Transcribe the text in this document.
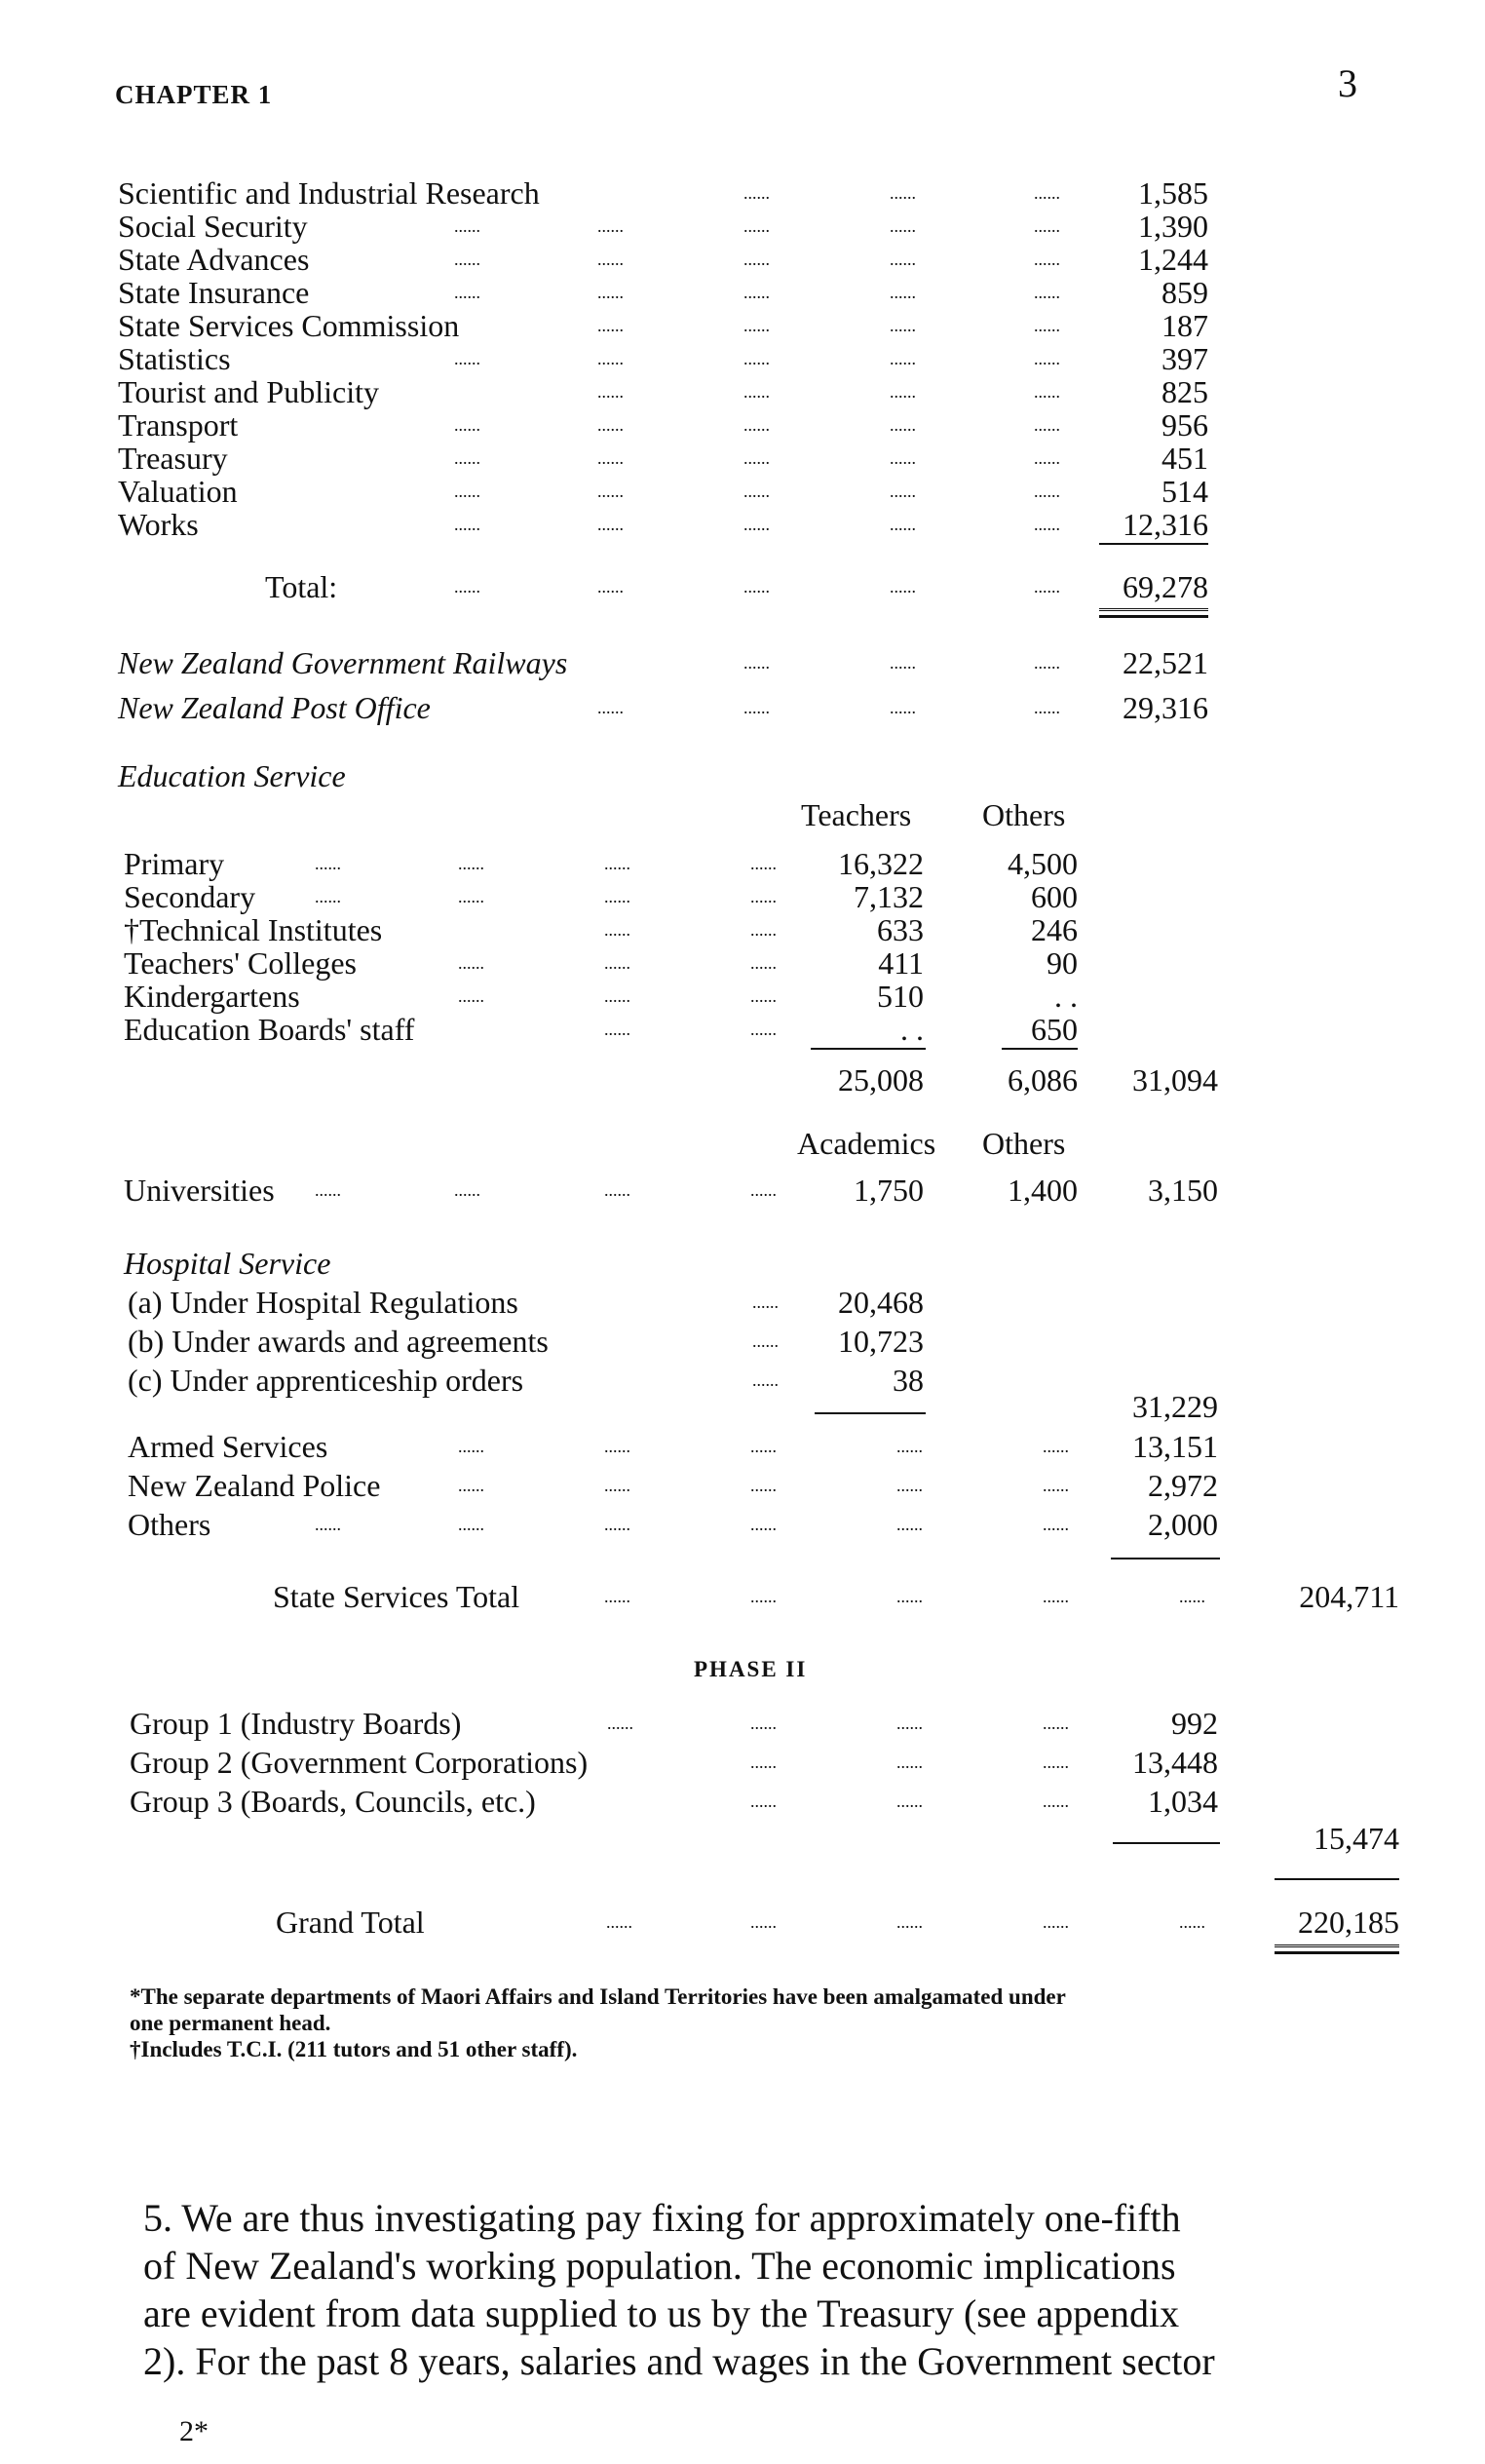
CHAPTER 1	3
Scientific and Industrial Research	......	......	......	1,585
Social Security	......	......	......	......	......	1,390
State Advances	......	......	......	......	......	1,244
State Insurance	......	......	......	......	......	859
State Services Commission	......	......	......	......	187
Statistics	......	......	......	......	......	397
Tourist and Publicity	......	......	......	......	825
Transport	......	......	......	......	......	956
Treasury	......	......	......	......	......	451
Valuation	......	......	......	......	......	514
Works	......	......	......	......	......	12,316
Total:	......	......	......	......	......	69,278
New Zealand Government Railways	......	......	......	22,521
New Zealand Post Office	......	......	......	......	29,316
Education Service
Teachers Others
Primary	......	......	......	......	16,322	4,500
Secondary	......	......	......	......	7,132	600
†Technical Institutes	......	......	633	246
Teachers' Colleges	......	......	......	411	90
Kindergartens	......	......	......	510	. .
Education Boards' staff	......	......	. .	650
25,008	6,086	31,094
Academics Others
Universities ......	......	......	......	1,750	1,400	3,150
Hospital Service
(a) Under Hospital Regulations	......	20,468
(b) Under awards and agreements	......	10,723
(c) Under apprenticeship orders	......	38
31,229
Armed Services	......	......	......	......	......	13,151
New Zealand Police	......	......	......	......	......	2,972
Others	......	......	......	......	......	......	2,000
State Services Total	......	......	......	......	......	204,711
PHASE II
Group 1 (Industry Boards)	......	......	......	......	992
Group 2 (Government Corporations)	......	......	......	13,448
Group 3 (Boards, Councils, etc.)	......	......	......	1,034
15,474
Grand Total	......	......	......	......	......	220,185
*The separate departments of Maori Affairs and Island Territories have been amalgamated under
one permanent head.
†Includes T.C.I. (211 tutors and 51 other staff).
5. We are thus investigating pay fixing for approximately one-fifth
of New Zealand's working population. The economic implications
are evident from data supplied to us by the Treasury (see appendix
2). For the past 8 years, salaries and wages in the Government sector
2*
